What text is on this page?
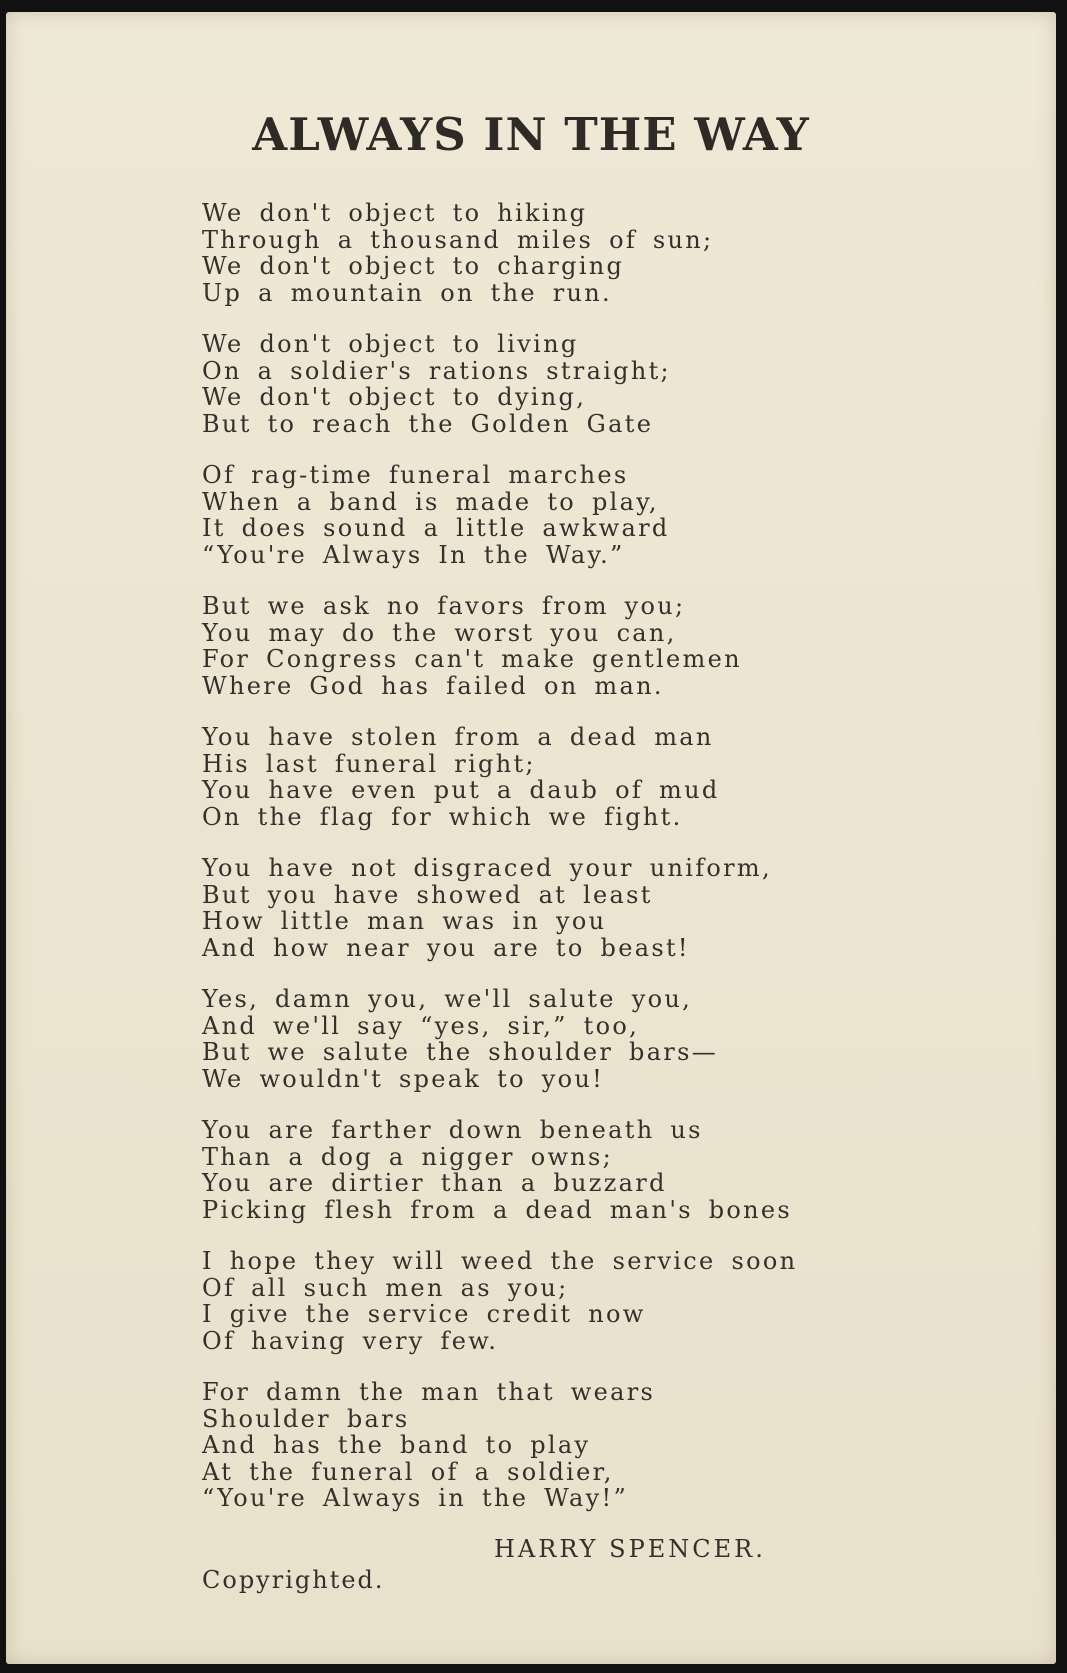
ALWAYS IN THE WAY
We don't object to hiking
Through a thousand miles of sun;
We don't object to charging
Up a mountain on the run.
We don't object to living
On a soldier's rations straight;
We don't object to dying,
But to reach the Golden Gate
Of rag-time funeral marches
When a band is made to play,
It does sound a little awkward
“You're Always In the Way.”
But we ask no favors from you;
You may do the worst you can,
For Congress can't make gentlemen
Where God has failed on man.
You have stolen from a dead man
His last funeral right;
You have even put a daub of mud
On the flag for which we fight.
You have not disgraced your uniform,
But you have showed at least
How little man was in you
And how near you are to beast!
Yes, damn you, we'll salute you,
And we'll say “yes, sir,” too,
But we salute the shoulder bars—
We wouldn't speak to you!
You are farther down beneath us
Than a dog a nigger owns;
You are dirtier than a buzzard
Picking flesh from a dead man's bones
I hope they will weed the service soon
Of all such men as you;
I give the service credit now
Of having very few.
For damn the man that wears
Shoulder bars
And has the band to play
At the funeral of a soldier,
“You're Always in the Way!”
HARRY SPENCER.
Copyrighted.
